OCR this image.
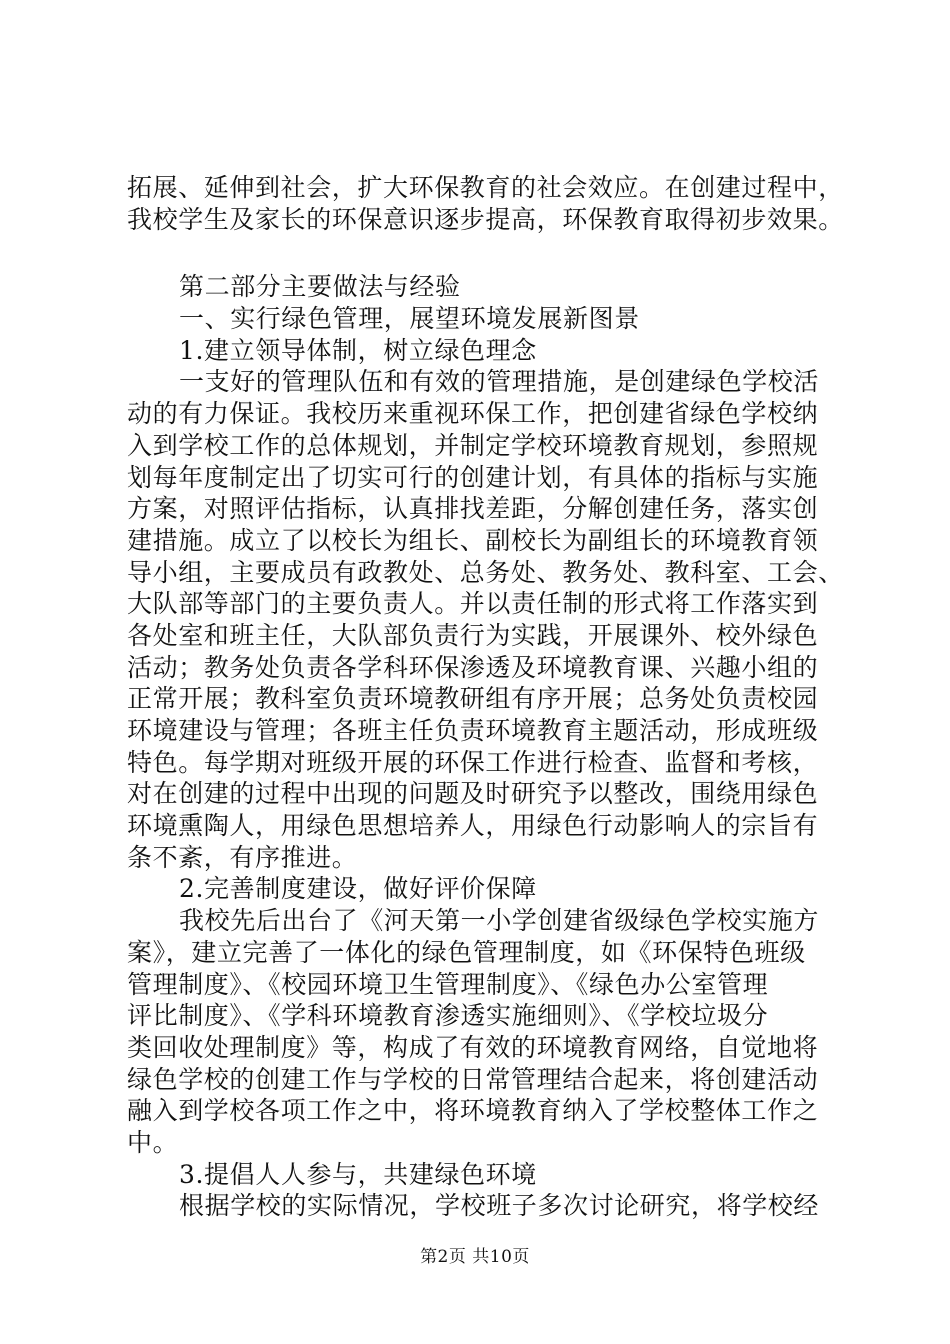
拓展、延伸到社会，扩大环保教育的社会效应。在创建过程中，
我校学生及家长的环保意识逐步提高，环保教育取得初步效果。
第二部分主要做法与经验
一、实行绿色管理，展望环境发展新图景
1.建立领导体制，树立绿色理念
一支好的管理队伍和有效的管理措施，是创建绿色学校活
动的有力保证。我校历来重视环保工作，把创建省绿色学校纳
入到学校工作的总体规划，并制定学校环境教育规划，参照规
划每年度制定出了切实可行的创建计划，有具体的指标与实施
方案，对照评估指标，认真排找差距，分解创建任务，落实创
建措施。成立了以校长为组长、副校长为副组长的环境教育领
导小组，主要成员有政教处、总务处、教务处、教科室、工会、
大队部等部门的主要负责人。并以责任制的形式将工作落实到
各处室和班主任，大队部负责行为实践，开展课外、校外绿色
活动；教务处负责各学科环保渗透及环境教育课、兴趣小组的
正常开展；教科室负责环境教研组有序开展；总务处负责校园
环境建设与管理；各班主任负责环境教育主题活动，形成班级
特色。每学期对班级开展的环保工作进行检查、监督和考核，
对在创建的过程中出现的问题及时研究予以整改，围绕用绿色
环境熏陶人，用绿色思想培养人，用绿色行动影响人的宗旨有
条不紊，有序推进。
2.完善制度建设，做好评价保障
我校先后出台了《河天第一小学创建省级绿色学校实施方
案》，建立完善了一体化的绿色管理制度，如《环保特色班级
管理制度》、《校园环境卫生管理制度》、《绿色办公室管理
评比制度》、《学科环境教育渗透实施细则》、《学校垃圾分
类回收处理制度》等，构成了有效的环境教育网络，自觉地将
绿色学校的创建工作与学校的日常管理结合起来，将创建活动
融入到学校各项工作之中，将环境教育纳入了学校整体工作之
中。
3.提倡人人参与，共建绿色环境
根据学校的实际情况，学校班子多次讨论研究，将学校经
第2页 共10页
